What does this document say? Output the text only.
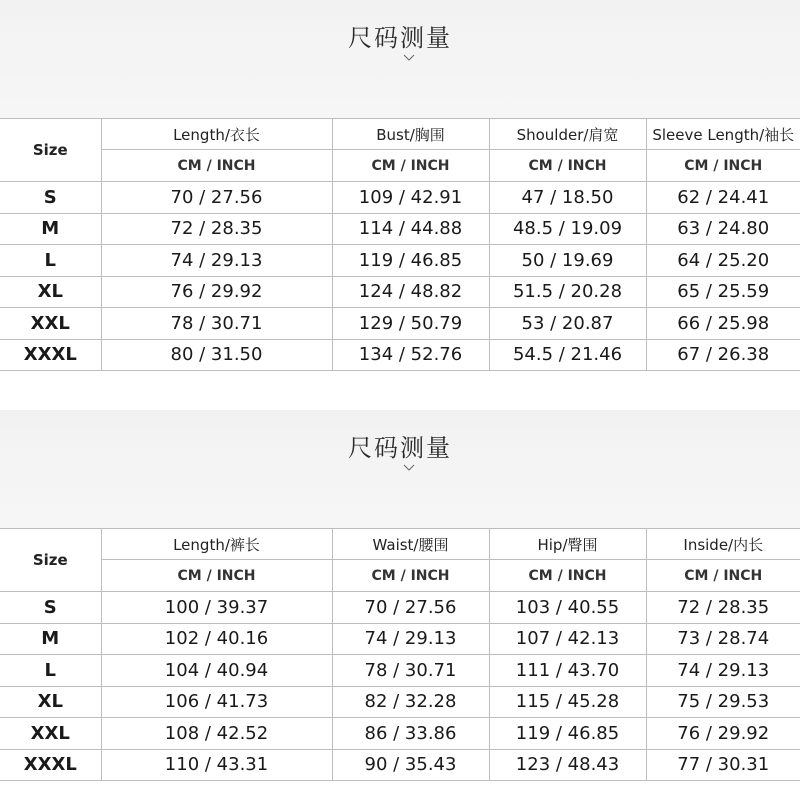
尺码测量
Size	Length/衣长	Bust/胸围	Shoulder/肩宽	Sleeve Length/袖长
	CM / INCH	CM / INCH	CM / INCH	CM / INCH
S	70 / 27.56	109 / 42.91	47 / 18.50	62 / 24.41
M	72 / 28.35	114 / 44.88	48.5 / 19.09	63 / 24.80
L	74 / 29.13	119 / 46.85	50 / 19.69	64 / 25.20
XL	76 / 29.92	124 / 48.82	51.5 / 20.28	65 / 25.59
XXL	78 / 30.71	129 / 50.79	53 / 20.87	66 / 25.98
XXXL	80 / 31.50	134 / 52.76	54.5 / 21.46	67 / 26.38
尺码测量
Size	Length/裤长	Waist/腰围	Hip/臀围	Inside/内长
	CM / INCH	CM / INCH	CM / INCH	CM / INCH
S	100 / 39.37	70 / 27.56	103 / 40.55	72 / 28.35
M	102 / 40.16	74 / 29.13	107 / 42.13	73 / 28.74
L	104 / 40.94	78 / 30.71	111 / 43.70	74 / 29.13
XL	106 / 41.73	82 / 32.28	115 / 45.28	75 / 29.53
XXL	108 / 42.52	86 / 33.86	119 / 46.85	76 / 29.92
XXXL	110 / 43.31	90 / 35.43	123 / 48.43	77 / 30.31
